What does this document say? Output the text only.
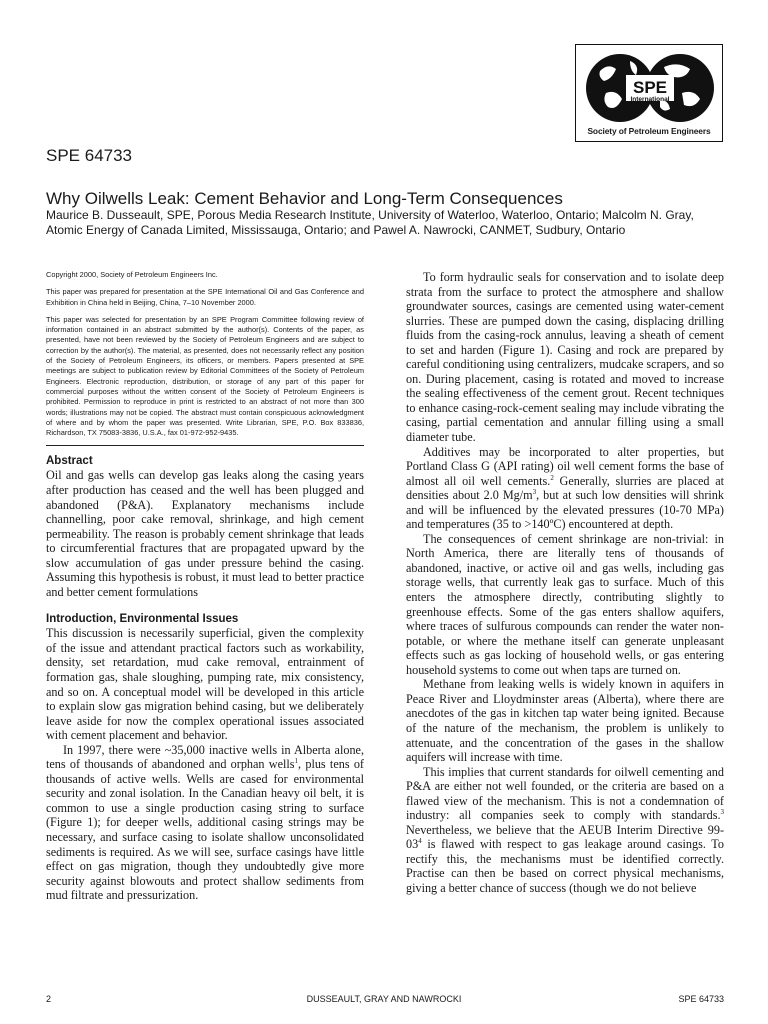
SPE
International
Society of Petroleum Engineers
SPE 64733
Why Oilwells Leak: Cement Behavior and Long-Term Consequences
Maurice B. Dusseault, SPE, Porous Media Research Institute, University of Waterloo, Waterloo, Ontario; Malcolm N. Gray, Atomic Energy of Canada Limited, Mississauga, Ontario; and Pawel A. Nawrocki, CANMET, Sudbury, Ontario

Copyright 2000, Society of Petroleum Engineers Inc.

This paper was prepared for presentation at the SPE International Oil and Gas Conference and Exhibition in China held in Beijing, China, 7–10 November 2000.

This paper was selected for presentation by an SPE Program Committee following review of information contained in an abstract submitted by the author(s). Contents of the paper, as presented, have not been reviewed by the Society of Petroleum Engineers and are subject to correction by the author(s). The material, as presented, does not necessarily reflect any position of the Society of Petroleum Engineers, its officers, or members. Papers presented at SPE meetings are subject to publication review by Editorial Committees of the Society of Petroleum Engineers. Electronic reproduction, distribution, or storage of any part of this paper for commercial purposes without the written consent of the Society of Petroleum Engineers is prohibited. Permission to reproduce in print is restricted to an abstract of not more than 300 words; illustrations may not be copied. The abstract must contain conspicuous acknowledgment of where and by whom the paper was presented. Write Librarian, SPE, P.O. Box 833836, Richardson, TX 75083-3836, U.S.A., fax 01-972-952-9435.

Abstract

Oil and gas wells can develop gas leaks along the casing years after production has ceased and the well has been plugged and abandoned (P&A). Explanatory mechanisms include channelling, poor cake removal, shrinkage, and high cement permeability. The reason is probably cement shrinkage that leads to circumferential fractures that are propagated upward by the slow accumulation of gas under pressure behind the casing. Assuming this hypothesis is robust, it must lead to better practice and better cement formulations

Introduction, Environmental Issues

This discussion is necessarily superficial, given the complexity of the issue and attendant practical factors such as workability, density, set retardation, mud cake removal, entrainment of formation gas, shale sloughing, pumping rate, mix consistency, and so on. A conceptual model will be developed in this article to explain slow gas migration behind casing, but we deliberately leave aside for now the complex operational issues associated with cement placement and behavior.

In 1997, there were ~35,000 inactive wells in Alberta alone, tens of thousands of abandoned and orphan wells$^1$, plus tens of thousands of active wells. Wells are cased for environmental security and zonal isolation. In the Canadian heavy oil belt, it is common to use a single production casing string to surface (Figure 1); for deeper wells, additional casing strings may be necessary, and surface casing to isolate shallow unconsolidated sediments is required. As we will see, surface casings have little effect on gas migration, though they undoubtedly give more security against blowouts and protect shallow sediments from mud filtrate and pressurization.

To form hydraulic seals for conservation and to isolate deep strata from the surface to protect the atmosphere and shallow groundwater sources, casings are cemented using water-cement slurries. These are pumped down the casing, displacing drilling fluids from the casing-rock annulus, leaving a sheath of cement to set and harden (Figure 1). Casing and rock are prepared by careful conditioning using centralizers, mudcake scrapers, and so on. During placement, casing is rotated and moved to increase the sealing effectiveness of the cement grout. Recent techniques to enhance casing-rock-cement sealing may include vibrating the casing, partial cementation and annular filling using a small diameter tube.

Additives may be incorporated to alter properties, but Portland Class G (API rating) oil well cement forms the base of almost all oil well cements.$^2$ Generally, slurries are placed at densities about 2.0 $Mg/m^3$, but at such low densities will shrink and will be influenced by the elevated pressures (10-70 MPa) and temperatures (35 to >140ºC) encountered at depth.

The consequences of cement shrinkage are non-trivial: in North America, there are literally tens of thousands of abandoned, inactive, or active oil and gas wells, including gas storage wells, that currently leak gas to surface. Much of this enters the atmosphere directly, contributing slightly to greenhouse effects. Some of the gas enters shallow aquifers, where traces of sulfurous compounds can render the water non-potable, or where the methane itself can generate unpleasant effects such as gas locking of household wells, or gas entering household systems to come out when taps are turned on.

Methane from leaking wells is widely known in aquifers in Peace River and Lloydminster areas (Alberta), where there are anecdotes of the gas in kitchen tap water being ignited. Because of the nature of the mechanism, the problem is unlikely to attenuate, and the concentration of the gases in the shallow aquifers will increase with time.

This implies that current standards for oilwell cementing and P&A are either not well founded, or the criteria are based on a flawed view of the mechanism. This is not a condemnation of industry: all companies seek to comply with standards.$^3$ Nevertheless, we believe that the AEUB Interim Directive $99-03^4$ is flawed with respect to gas leakage around casings. To rectify this, the mechanisms must be identified correctly. Practise can then be based on correct physical mechanisms, giving a better chance of success (though we do not believe

2	DUSSEAULT, GRAY AND NAWROCKI	SPE 64733
